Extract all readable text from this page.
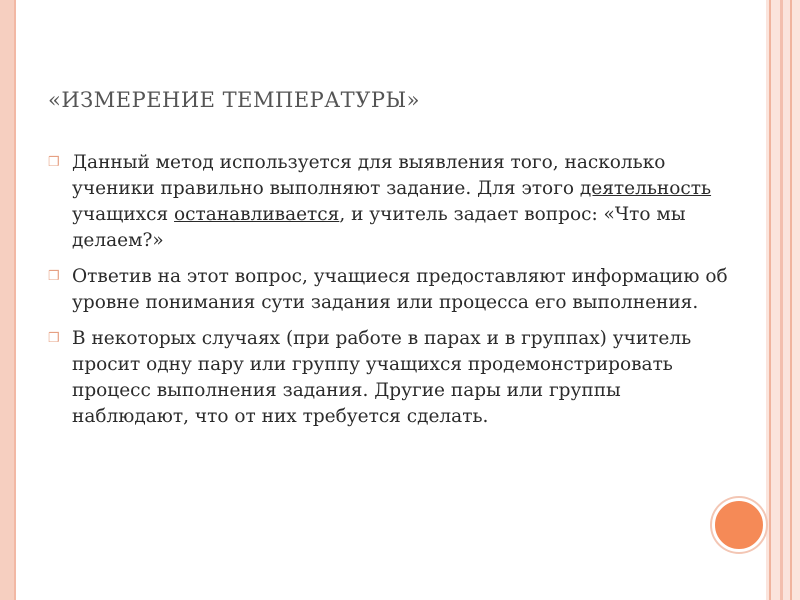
«ИЗМЕРЕНИЕ ТЕМПЕРАТУРЫ»
❒ Данный метод используется для выявления того, насколько ученики правильно выполняют задание. Для этого деятельность учащихся останавливается, и учитель задает вопрос: «Что мы делаем?»
❒ Ответив на этот вопрос, учащиеся предоставляют информацию об уровне понимания сути задания или процесса его выполнения.
❒ В некоторых случаях (при работе в парах и в группах) учитель просит одну пару или группу учащихся продемонстрировать процесс выполнения задания. Другие пары или группы наблюдают, что от них требуется сделать.
